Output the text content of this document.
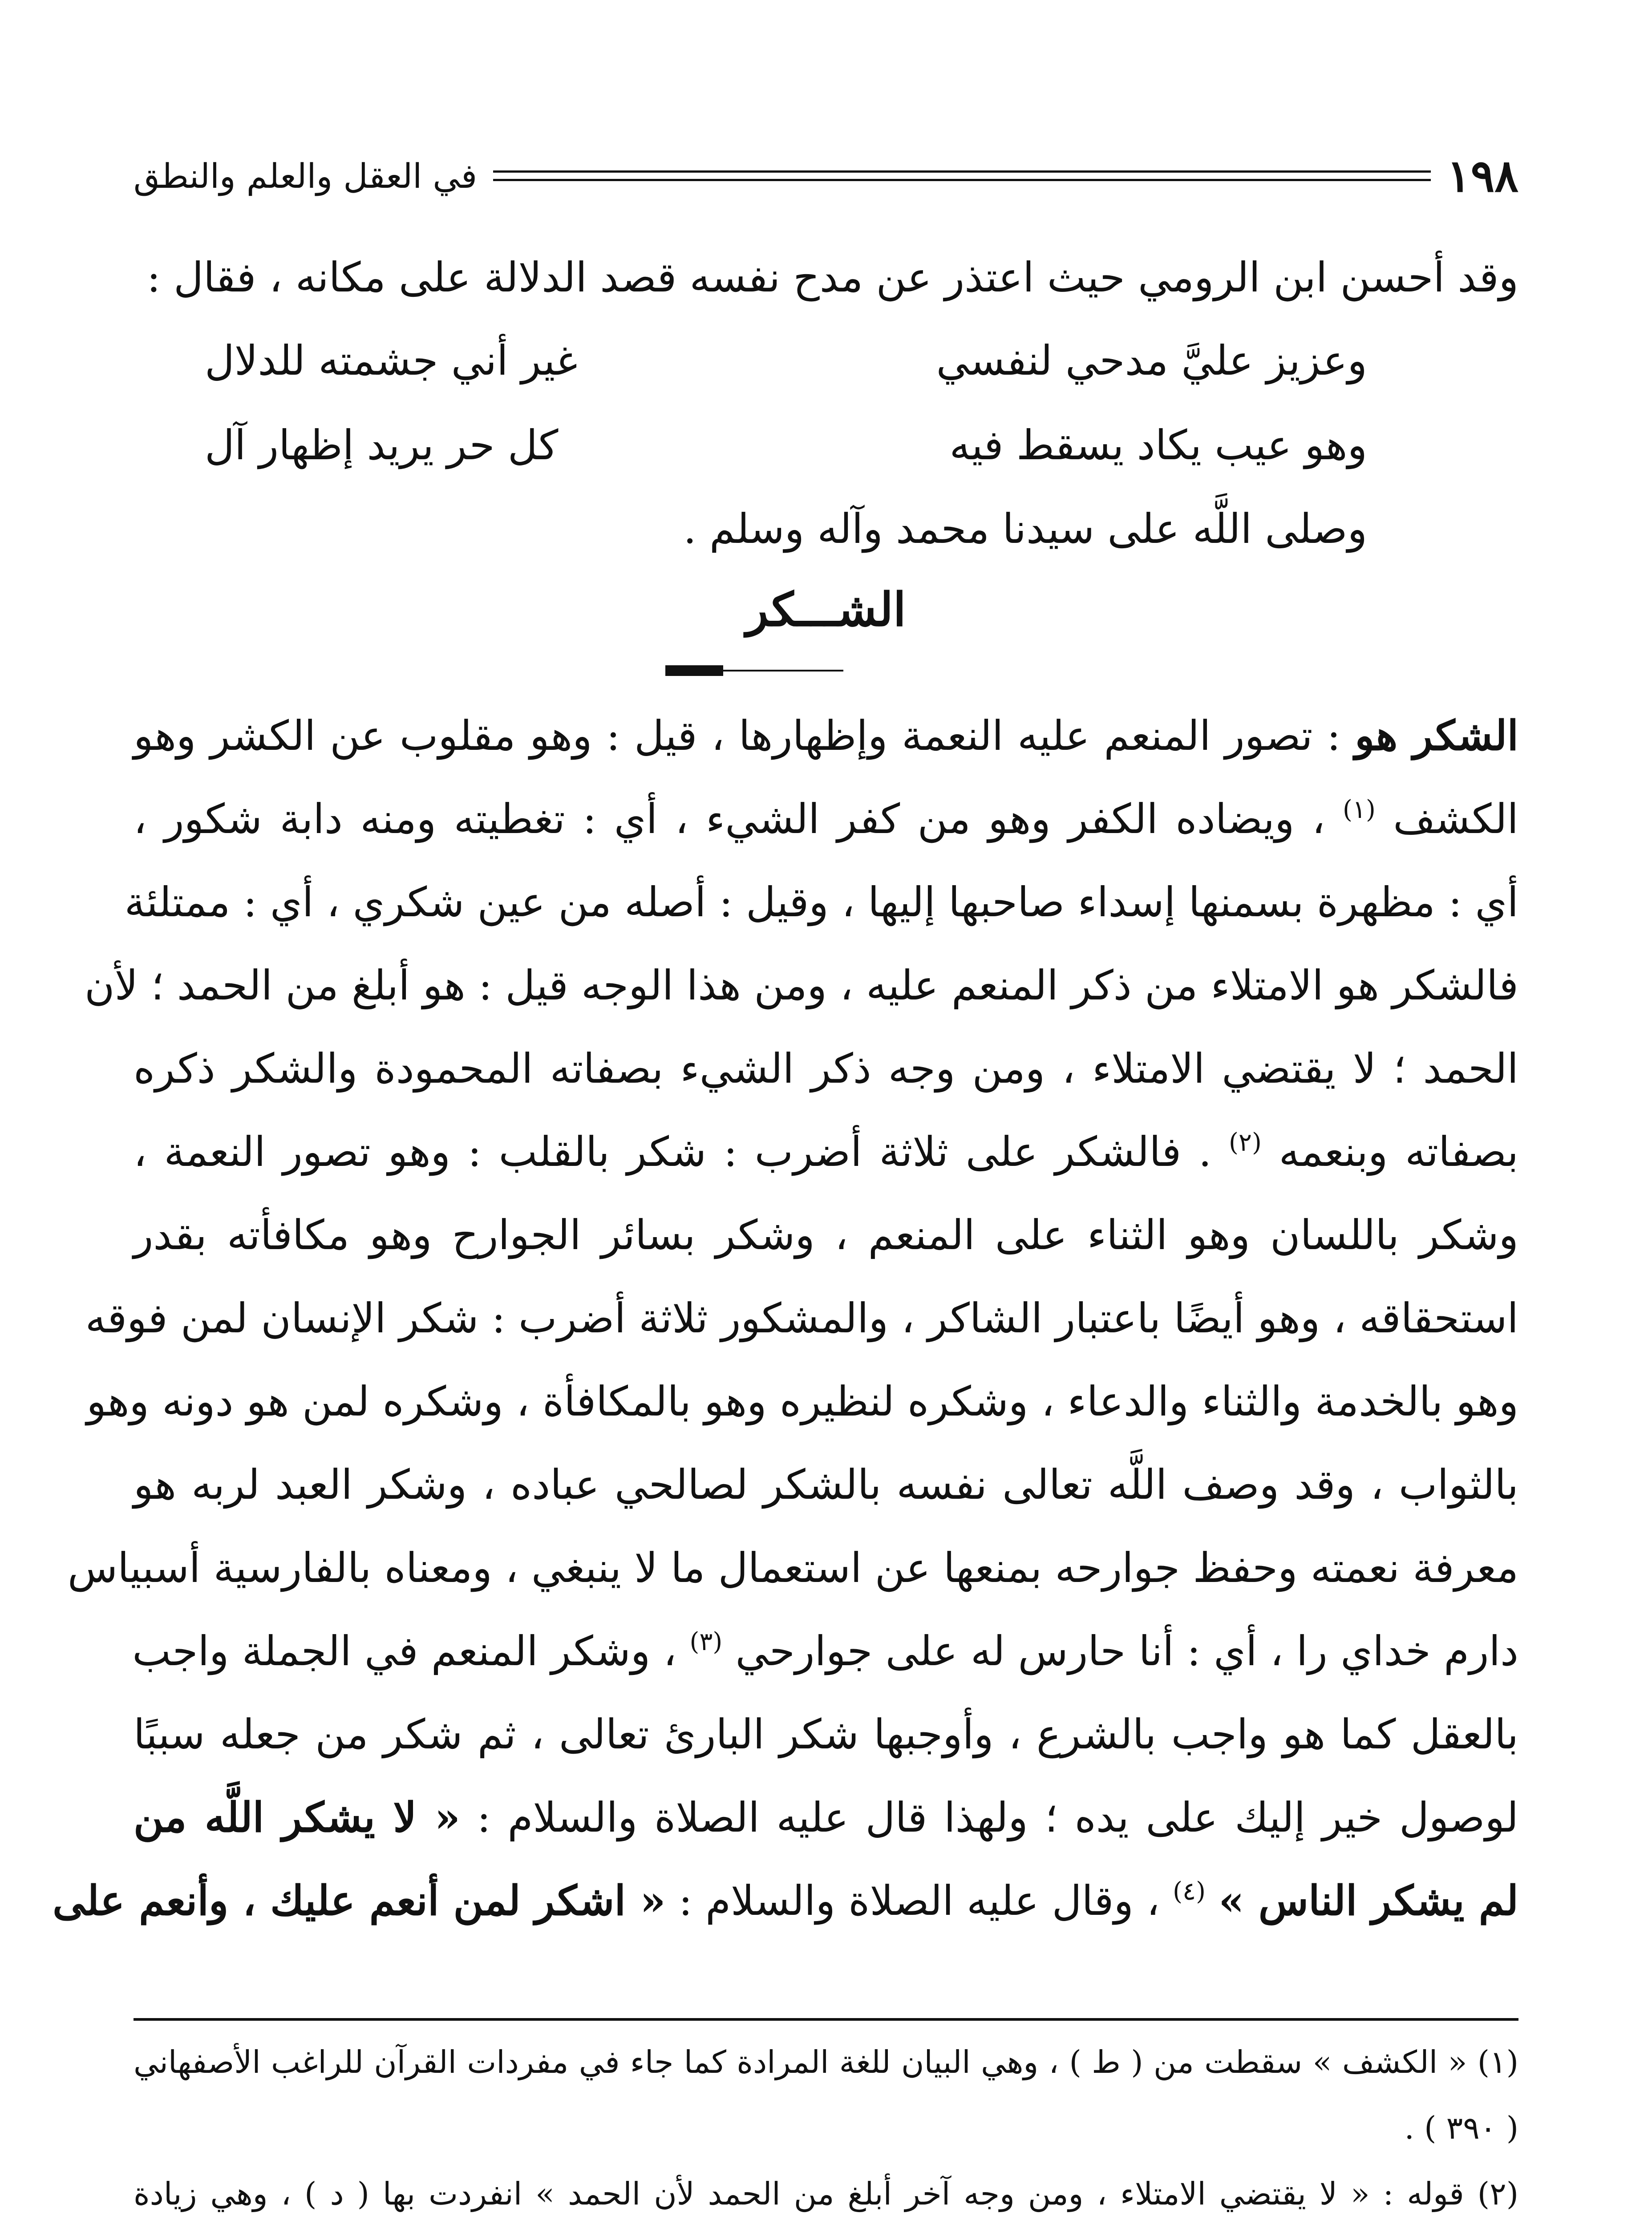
في العقل والعلم والنطق	١٩٨
وقد أحسن ابن الرومي حيث اعتذر عن مدح نفسه قصد الدلالة على مكانه ، فقال :
وعزيز عليَّ مدحي لنفسي
غير أني جشمته للدلال
وهو عيب يكاد يسقط فيه
كل حر يريد إظهار آل
وصلى اللَّه على سيدنا محمد وآله وسلم .
الشـــكر
الشكر هو : تصور المنعم عليه النعمة وإظهارها ، قيل : وهو مقلوب عن الكشر وهو
الكشف $^{(١)}$ ، ويضاده الكفر وهو من كفر الشيء ، أي : تغطيته ومنه دابة شكور ،
أي : مظهرة بسمنها إسداء صاحبها إليها ، وقيل : أصله من عين شكري ، أي : ممتلئة
فالشكر هو الامتلاء من ذكر المنعم عليه ، ومن هذا الوجه قيل : هو أبلغ من الحمد ؛ لأن
الحمد ؛ لا يقتضي الامتلاء ، ومن وجه ذكر الشيء بصفاته المحمودة والشكر ذكره
بصفاته وبنعمه $^{(٢)}$ . فالشكر على ثلاثة أضرب : شكر بالقلب : وهو تصور النعمة ،
وشكر باللسان وهو الثناء على المنعم ، وشكر بسائر الجوارح وهو مكافأته بقدر
استحقاقه ، وهو أيضًا باعتبار الشاكر ، والمشكور ثلاثة أضرب : شكر الإنسان لمن فوقه
وهو بالخدمة والثناء والدعاء ، وشكره لنظيره وهو بالمكافأة ، وشكره لمن هو دونه وهو
بالثواب ، وقد وصف اللَّه تعالى نفسه بالشكر لصالحي عباده ، وشكر العبد لربه هو
معرفة نعمته وحفظ جوارحه بمنعها عن استعمال ما لا ينبغي ، ومعناه بالفارسية أسبياس
دارم خداي را ، أي : أنا حارس له على جوارحي $^{(٣)}$ ، وشكر المنعم في الجملة واجب
بالعقل كما هو واجب بالشرع ، وأوجبها شكر البارئ تعالى ، ثم شكر من جعله سببًا
لوصول خير إليك على يده ؛ ولهذا قال عليه الصلاة والسلام : « لا يشكر اللَّه من
لم يشكر الناس » $^{(٤)}$ ، وقال عليه الصلاة والسلام : « اشكر لمن أنعم عليك ، وأنعم على
(١) « الكشف » سقطت من ( ط ) ، وهي البيان للغة المرادة كما جاء في مفردات القرآن للراغب الأصفهاني
( ٣٩٠ ) .
(٢) قوله : « لا يقتضي الامتلاء ، ومن وجه آخر أبلغ من الحمد لأن الحمد » انفردت بها ( د ) ، وهي زيادة
